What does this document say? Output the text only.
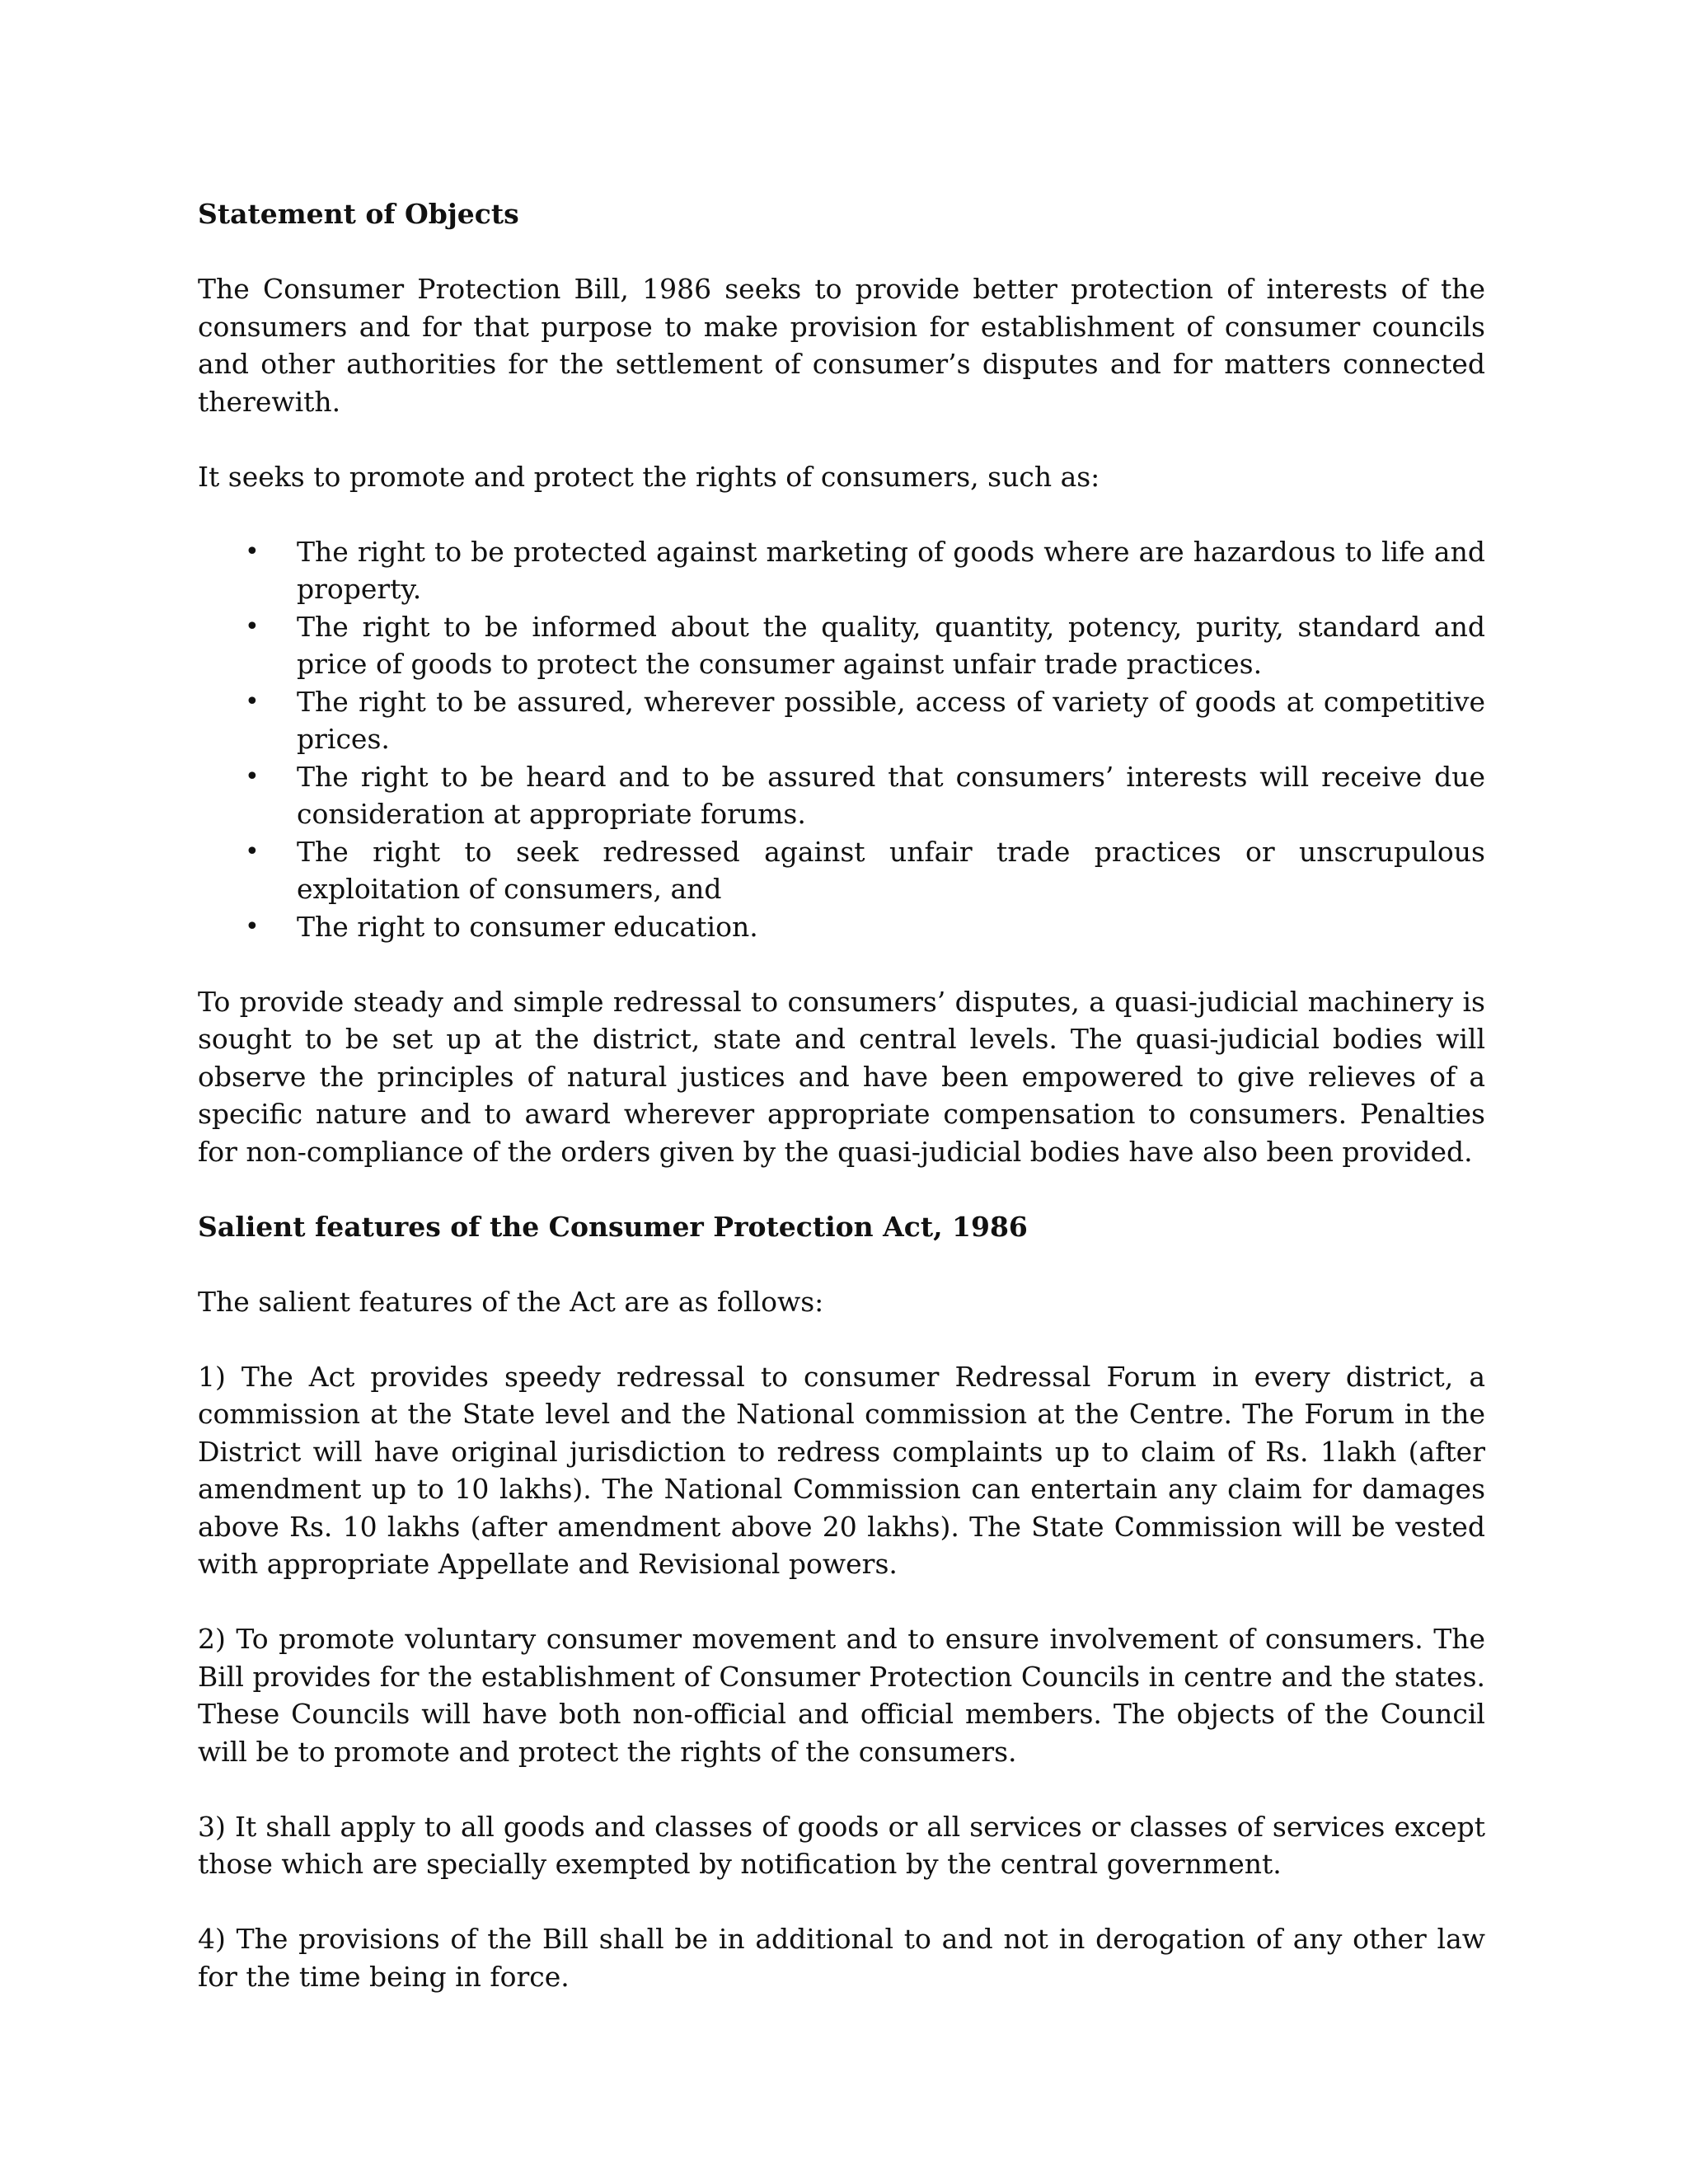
Statement of Objects

The Consumer Protection Bill, 1986 seeks to provide better protection of interests of the consumers and for that purpose to make provision for establishment of consumer councils and other authorities for the settlement of consumer’s disputes and for matters connected therewith.

It seeks to promote and protect the rights of consumers, such as:

• The right to be protected against marketing of goods where are hazardous to life and property.
• The right to be informed about the quality, quantity, potency, purity, standard and price of goods to protect the consumer against unfair trade practices.
• The right to be assured, wherever possible, access of variety of goods at competitive prices.
• The right to be heard and to be assured that consumers’ interests will receive due consideration at appropriate forums.
• The right to seek redressed against unfair trade practices or unscrupulous exploitation of consumers, and
• The right to consumer education.

To provide steady and simple redressal to consumers’ disputes, a quasi-judicial machinery is sought to be set up at the district, state and central levels. The quasi-judicial bodies will observe the principles of natural justices and have been empowered to give relieves of a specific nature and to award wherever appropriate compensation to consumers. Penalties for non-compliance of the orders given by the quasi-judicial bodies have also been provided.

Salient features of the Consumer Protection Act, 1986

The salient features of the Act are as follows:

1) The Act provides speedy redressal to consumer Redressal Forum in every district, a commission at the State level and the National commission at the Centre. The Forum in the District will have original jurisdiction to redress complaints up to claim of Rs. 1lakh (after amendment up to 10 lakhs). The National Commission can entertain any claim for damages above Rs. 10 lakhs (after amendment above 20 lakhs). The State Commission will be vested with appropriate Appellate and Revisional powers.

2) To promote voluntary consumer movement and to ensure involvement of consumers. The Bill provides for the establishment of Consumer Protection Councils in centre and the states. These Councils will have both non-official and official members. The objects of the Council will be to promote and protect the rights of the consumers.

3) It shall apply to all goods and classes of goods or all services or classes of services except those which are specially exempted by notification by the central government.

4) The provisions of the Bill shall be in additional to and not in derogation of any other law for the time being in force.
